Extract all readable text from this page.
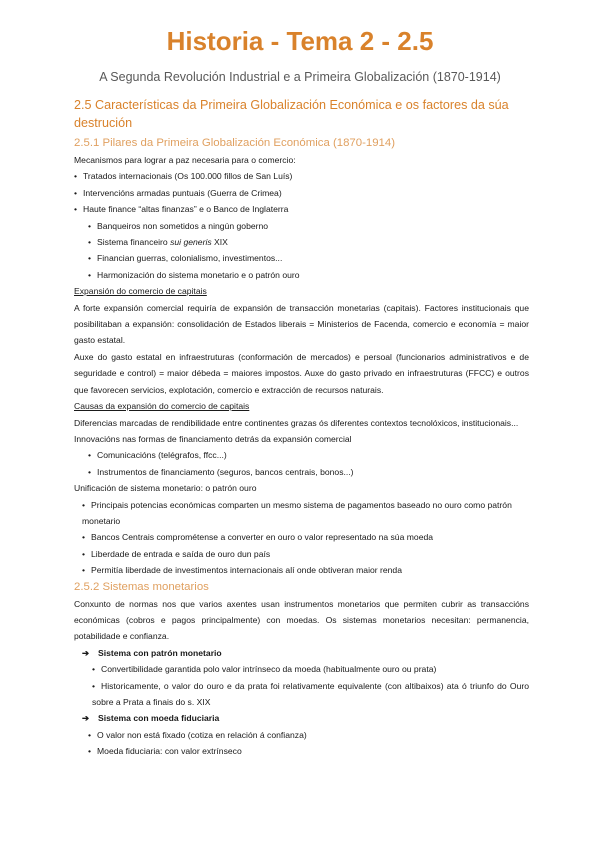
Historia - Tema 2 - 2.5

A Segunda Revolución Industrial e a Primeira Globalización (1870-1914)

2.5 Características da Primeira Globalización Económica e os factores da súa destrución

2.5.1 Pilares da Primeira Globalización Económica (1870-1914)

Mecanismos para lograr a paz necesaria para o comercio:

• Tratados internacionais (Os 100.000 fillos de San Luís)

• Intervencións armadas puntuais (Guerra de Crimea)

• Haute finance “altas finanzas” e o Banco de Inglaterra

• Banqueiros non sometidos a ningún goberno

• Sistema financeiro sui generis XIX

• Financian guerras, colonialismo, investimentos...

• Harmonización do sistema monetario e o patrón ouro

Expansión do comercio de capitais

A forte expansión comercial requiría de expansión de transacción monetarias (capitais). Factores institucionais que posibilitaban a expansión: consolidación de Estados liberais = Ministerios de Facenda, comercio e economía = maior gasto estatal.

Auxe do gasto estatal en infraestruturas (conformación de mercados) e persoal (funcionarios administrativos e de seguridade e control) = maior débeda = maiores impostos. Auxe do gasto privado en infraestruturas (FFCC) e outros que favorecen servicios, explotación, comercio e extracción de recursos naturais.

Causas da expansión do comercio de capitais

Diferencias marcadas de rendibilidade entre continentes grazas ós diferentes contextos tecnolóxicos, institucionais...

Innovacións nas formas de financiamento detrás da expansión comercial

• Comunicacións (telégrafos, ffcc...)

• Instrumentos de financiamento (seguros, bancos centrais, bonos...)

Unificación de sistema monetario: o patrón ouro

• Principais potencias económicas comparten un mesmo sistema de pagamentos baseado no ouro como patrón monetario

• Bancos Centrais comprométense a converter en ouro o valor representado na súa moeda

• Liberdade de entrada e saída de ouro dun país

• Permitía liberdade de investimentos internacionais alí onde obtiveran maior renda

2.5.2 Sistemas monetarios

Conxunto de normas nos que varios axentes usan instrumentos monetarios que permiten cubrir as transaccións económicas (cobros e pagos principalmente) con moedas. Os sistemas monetarios necesitan: permanencia, potabilidade e confianza.

➔ Sistema con patrón monetario

• Convertibilidade garantida polo valor intrínseco da moeda (habitualmente ouro ou prata)

• Historicamente, o valor do ouro e da prata foi relativamente equivalente (con altibaixos) ata ó triunfo do Ouro sobre a Prata a finais do s. XIX

➔ Sistema con moeda fiduciaria

• O valor non está fixado (cotiza en relación á confianza)

• Moeda fiduciaria: con valor extrínseco
